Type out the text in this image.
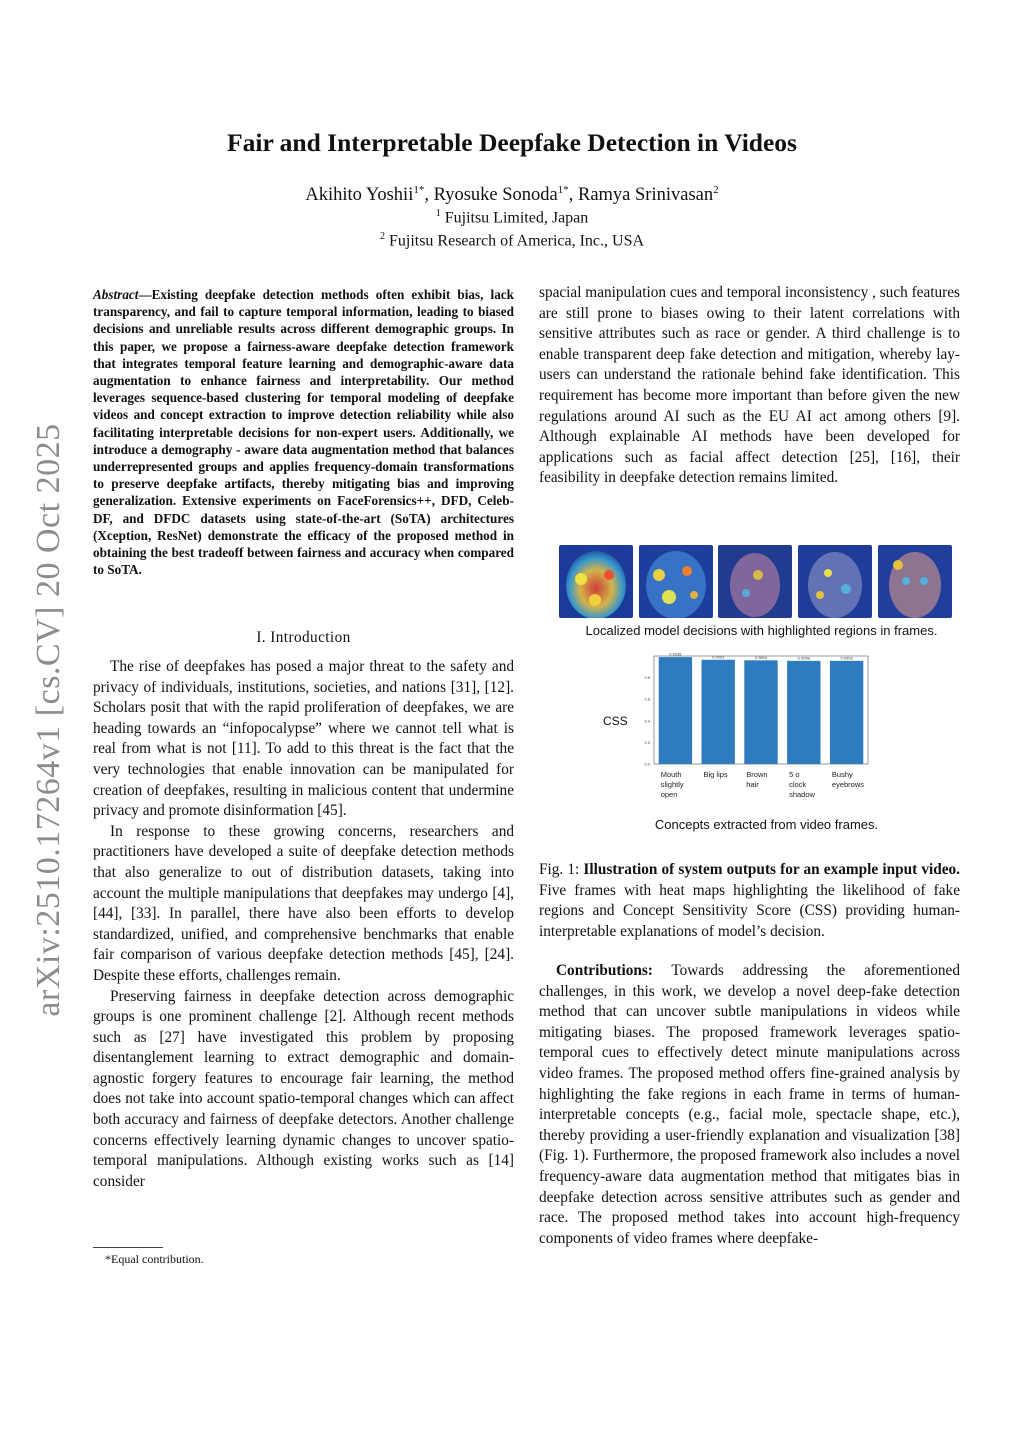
arXiv:2510.17264v1 [cs.CV] 20 Oct 2025
Fair and Interpretable Deepfake Detection in Videos
Akihito Yoshii$^{1*}$, Ryosuke Sonoda$^{1*}$, Ramya Srinivasan$^2$
$^1$ Fujitsu Limited, Japan
$^2$ Fujitsu Research of America, Inc., USA
Abstract—Existing deepfake detection methods often exhibit bias, lack transparency, and fail to capture temporal information, leading to biased decisions and unreliable results across different demographic groups. In this paper, we propose a fairness-aware deepfake detection framework that integrates temporal feature learning and demographic-aware data augmentation to enhance fairness and interpretability. Our method leverages sequence-based clustering for temporal modeling of deepfake videos and concept extraction to improve detection reliability while also facilitating interpretable decisions for non-expert users. Additionally, we introduce a demography - aware data augmentation method that balances underrepresented groups and applies frequency-domain transformations to preserve deepfake artifacts, thereby mitigating bias and improving generalization. Extensive experiments on FaceForensics++, DFD, Celeb-DF, and DFDC datasets using state-of-the-art (SoTA) architectures (Xception, ResNet) demonstrate the efficacy of the proposed method in obtaining the best tradeoff between fairness and accuracy when compared to SoTA.
I. Introduction

The rise of deepfakes has posed a major threat to the safety and privacy of individuals, institutions, societies, and nations [31], [12]. Scholars posit that with the rapid proliferation of deepfakes, we are heading towards an “infopocalypse” where we cannot tell what is real from what is not [11]. To add to this threat is the fact that the very technologies that enable innovation can be manipulated for creation of deepfakes, resulting in malicious content that undermine privacy and promote disinformation [45].

In response to these growing concerns, researchers and practitioners have developed a suite of deepfake detection methods that also generalize to out of distribution datasets, taking into account the multiple manipulations that deepfakes may undergo [4], [44], [33]. In parallel, there have also been efforts to develop standardized, unified, and comprehensive benchmarks that enable fair comparison of various deepfake detection methods [45], [24]. Despite these efforts, challenges remain.

Preserving fairness in deepfake detection across demographic groups is one prominent challenge [2]. Although recent methods such as [27] have investigated this problem by proposing disentanglement learning to extract demographic and domain-agnostic forgery features to encourage fair learning, the method does not take into account spatio-temporal changes which can affect both accuracy and fairness of deepfake detectors. Another challenge concerns effectively learning dynamic changes to uncover spatio-temporal manipulations. Although existing works such as [14] consider

*Equal contribution.

spacial manipulation cues and temporal inconsistency , such features are still prone to biases owing to their latent correlations with sensitive attributes such as race or gender. A third challenge is to enable transparent deep fake detection and mitigation, whereby lay-users can understand the rationale behind fake identification. This requirement has become more important than before given the new regulations around AI such as the EU AI act among others [9]. Although explainable AI methods have been developed for applications such as facial affect detection [25], [16], their feasibility in deepfake detection remains limited.

Localized model decisions with highlighted regions in frames.
CSS
0.8
0.6
0.4
0.2
0.0
0.9935
Mouth slightly open
0.9653
Big lips
0.9604
Brown hair
0.9558
5 o clock shadow
0.9558
Bushy eyebrows
Concepts extracted from video frames.

Fig. 1: Illustration of system outputs for an example input video. Five frames with heat maps highlighting the likelihood of fake regions and Concept Sensitivity Score (CSS) providing human-interpretable explanations of model’s decision.

Contributions: Towards addressing the aforementioned challenges, in this work, we develop a novel deep-fake detection method that can uncover subtle manipulations in videos while mitigating biases. The proposed framework leverages spatio-temporal cues to effectively detect minute manipulations across video frames. The proposed method offers fine-grained analysis by highlighting the fake regions in each frame in terms of human-interpretable concepts (e.g., facial mole, spectacle shape, etc.), thereby providing a user-friendly explanation and visualization [38](Fig. 1). Furthermore, the proposed framework also includes a novel frequency-aware data augmentation method that mitigates bias in deepfake detection across sensitive attributes such as gender and race. The proposed method takes into account high-frequency components of video frames where deepfake-
